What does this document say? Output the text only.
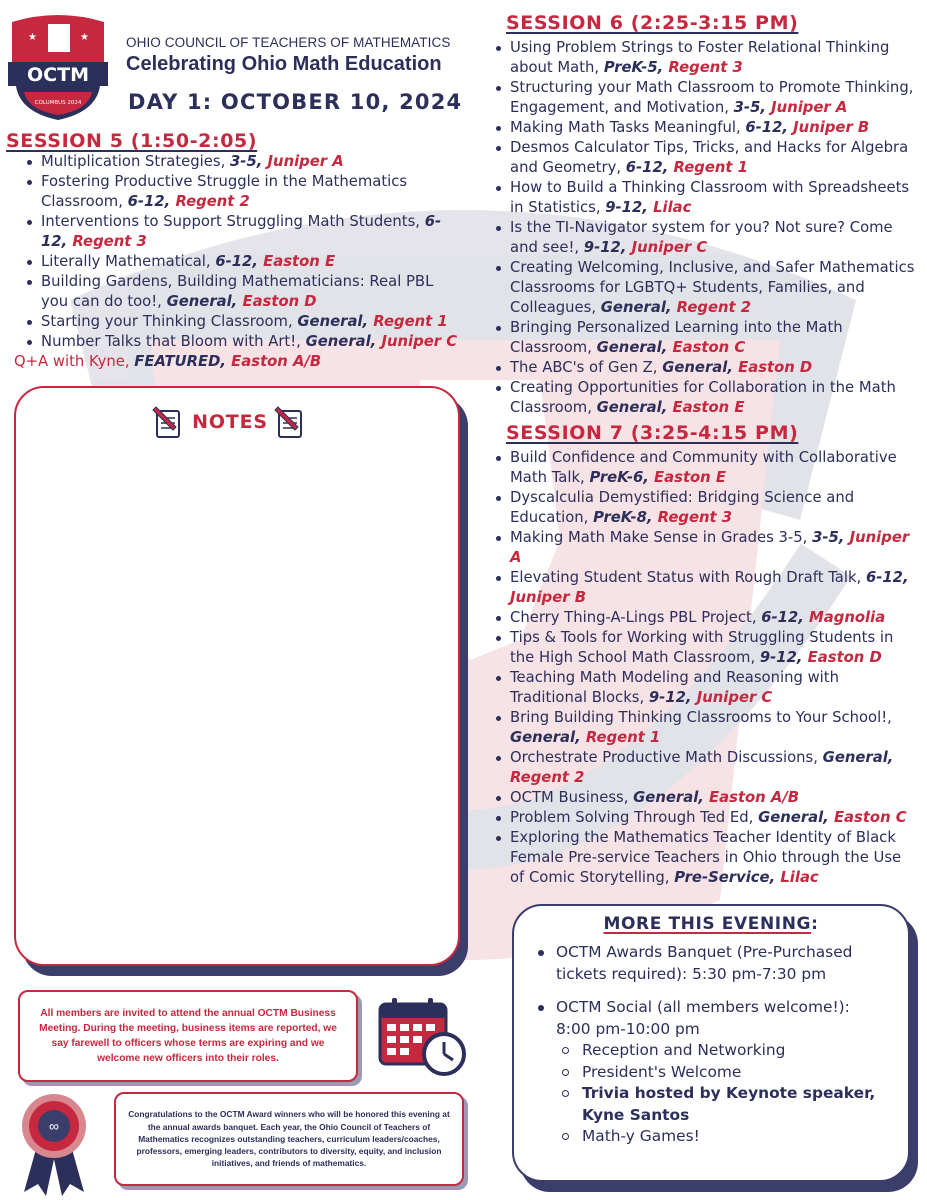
★	★
OCTM
COLUMBUS 2024
OHIO COUNCIL OF TEACHERS OF MATHEMATICS
Celebrating Ohio Math Education
DAY 1: OCTOBER 10, 2024
SESSION 5 (1:50-2:05)
Multiplication Strategies, 3-5, Juniper A
Fostering Productive Struggle in the Mathematics Classroom, 6-12, Regent 2
Interventions to Support Struggling Math Students, 6-12, Regent 3
Literally Mathematical, 6-12, Easton E
Building Gardens, Building Mathematicians: Real PBL you can do too!, General, Easton D
Starting your Thinking Classroom, General, Regent 1
Number Talks that Bloom with Art!, General, Juniper C
Q+A with Kyne, FEATURED, Easton A/B
NOTES
All members are invited to attend the annual OCTM Business Meeting. During the meeting, business items are reported, we say farewell to officers whose terms are expiring and we welcome new officers into their roles.
∞
Congratulations to the OCTM Award winners who will be honored this evening at the annual awards banquet. Each year, the Ohio Council of Teachers of Mathematics recognizes outstanding teachers, curriculum leaders/coaches, professors, emerging leaders, contributors to diversity, equity, and inclusion initiatives, and friends of mathematics.
SESSION 6 (2:25-3:15 PM)
Using Problem Strings to Foster Relational Thinking about Math, PreK-5, Regent 3
Structuring your Math Classroom to Promote Thinking, Engagement, and Motivation, 3-5, Juniper A
Making Math Tasks Meaningful, 6-12, Juniper B
Desmos Calculator Tips, Tricks, and Hacks for Algebra and Geometry, 6-12, Regent 1
How to Build a Thinking Classroom with Spreadsheets in Statistics, 9-12, Lilac
Is the TI-Navigator system for you? Not sure? Come and see!, 9-12, Juniper C
Creating Welcoming, Inclusive, and Safer Mathematics Classrooms for LGBTQ+ Students, Families, and Colleagues, General, Regent 2
Bringing Personalized Learning into the Math Classroom, General, Easton C
The ABC's of Gen Z, General, Easton D
Creating Opportunities for Collaboration in the Math Classroom, General, Easton E
SESSION 7 (3:25-4:15 PM)
Build Confidence and Community with Collaborative Math Talk, PreK-6, Easton E
Dyscalculia Demystified: Bridging Science and Education, PreK-8, Regent 3
Making Math Make Sense in Grades 3-5, 3-5, Juniper A
Elevating Student Status with Rough Draft Talk, 6-12, Juniper B
Cherry Thing-A-Lings PBL Project, 6-12, Magnolia
Tips & Tools for Working with Struggling Students in the High School Math Classroom, 9-12, Easton D
Teaching Math Modeling and Reasoning with Traditional Blocks, 9-12, Juniper C
Bring Building Thinking Classrooms to Your School!, General, Regent 1
Orchestrate Productive Math Discussions, General, Regent 2
OCTM Business, General, Easton A/B
Problem Solving Through Ted Ed, General, Easton C
Exploring the Mathematics Teacher Identity of Black Female Pre-service Teachers in Ohio through the Use of Comic Storytelling, Pre-Service, Lilac
MORE THIS EVENING:
OCTM Awards Banquet (Pre-Purchased tickets required): 5:30 pm-7:30 pm
OCTM Social (all members welcome!): 8:00 pm-10:00 pm
Reception and Networking
President's Welcome
Trivia hosted by Keynote speaker, Kyne Santos
Math-y Games!
